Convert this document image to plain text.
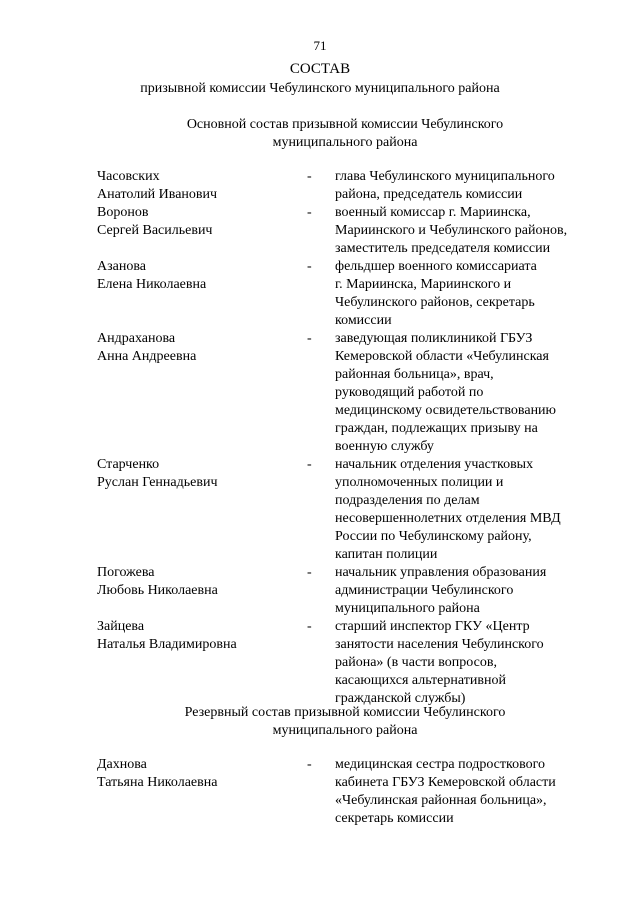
71
СОСТАВ
призывной комиссии Чебулинского муниципального района
Основной состав призывной комиссии Чебулинского
муниципального района
Часовских
Анатолий Иванович
-	глава Чебулинского муниципального
района, председатель комиссии
Воронов
Сергей Васильевич
-	военный комиссар г. Мариинска,
Мариинского и Чебулинского районов,
заместитель председателя комиссии
Азанова
Елена Николаевна
-	фельдшер военного комиссариата
г. Мариинска, Мариинского и
Чебулинского районов, секретарь
комиссии
Андраханова
Анна Андреевна
-	заведующая поликлиникой ГБУЗ
Кемеровской области «Чебулинская
районная больница», врач,
руководящий работой по
медицинскому освидетельствованию
граждан, подлежащих призыву на
военную службу
Старченко
Руслан Геннадьевич
-	начальник отделения участковых
уполномоченных полиции и
подразделения по делам
несовершеннолетних отделения МВД
России по Чебулинскому району,
капитан полиции
Погожева
Любовь Николаевна
-	начальник управления образования
администрации Чебулинского
муниципального района
Зайцева
Наталья Владимировна
-	старший инспектор ГКУ «Центр
занятости населения Чебулинского
района» (в части вопросов,
касающихся альтернативной
гражданской службы)
Резервный состав призывной комиссии Чебулинского
муниципального района
Дахнова
Татьяна Николаевна
-	медицинская сестра подросткового
кабинета ГБУЗ Кемеровской области
«Чебулинская районная больница»,
секретарь комиссии
